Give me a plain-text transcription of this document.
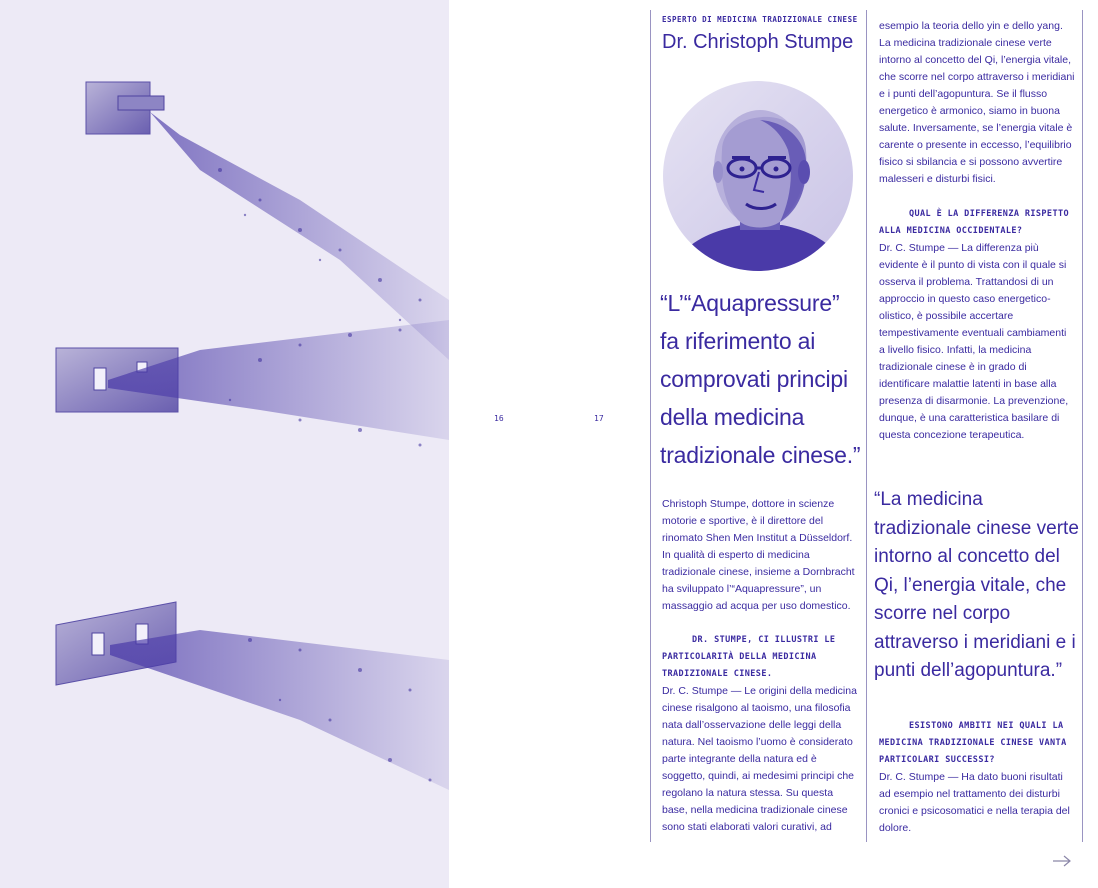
16	17
ESPERTO DI MEDICINA TRADIZIONALE CINESE
Dr. Christoph Stumpe
“L’“Aquapressure” fa riferimento ai comprovati principi della medicina tradizionale cinese.”
Christoph Stumpe, dottore in scienze motorie e sportive, è il direttore del rinomato Shen Men Institut a Düsseldorf. In qualità di esperto di medicina tradizionale cinese, insieme a Dornbracht ha sviluppato l’“Aquapressure”, un massaggio ad acqua per uso domestico.
DR. STUMPE, CI ILLUSTRI LE PARTICOLARITÀ DELLA MEDICINA TRADIZIONALE CINESE.

Dr. C. Stumpe — Le origini della medicina cinese risalgono al taoismo, una filosofia nata dall’osservazione delle leggi della natura. Nel taoismo l’uomo è considerato parte integrante della natura ed è soggetto, quindi, ai medesimi principi che regolano la natura stessa. Su questa base, nella medicina tradizionale cinese sono stati elaborati valori curativi, ad

esempio la teoria dello yin e dello yang. La medicina tradizionale cinese verte intorno al concetto del Qi, l’energia vitale, che scorre nel corpo attraverso i meridiani e i punti dell’agopuntura. Se il flusso energetico è armonico, siamo in buona salute. Inversamente, se l’energia vitale è carente o presente in eccesso, l’equilibrio fisico si sbilancia e si possono avvertire malesseri e disturbi fisici.
QUAL È LA DIFFERENZA RISPETTO ALLA MEDICINA OCCIDENTALE?

Dr. C. Stumpe — La differenza più evidente è il punto di vista con il quale si osserva il problema. Trattandosi di un approccio in questo caso energetico-olistico, è possibile accertare tempestivamente eventuali cambiamenti a livello fisico. Infatti, la medicina tradizionale cinese è in grado di identificare malattie latenti in base alla presenza di disarmonie. La prevenzione, dunque, è una caratteristica basilare di questa concezione terapeutica.

“La medicina tradizionale cinese verte intorno al concetto del Qi, l’energia vitale, che scorre nel corpo attraverso i meridiani e i punti dell’agopuntura.”
ESISTONO AMBITI NEI QUALI LA MEDICINA TRADIZIONALE CINESE VANTA PARTICOLARI SUCCESSI?

Dr. C. Stumpe — Ha dato buoni risultati ad esempio nel trattamento dei disturbi cronici e psicosomatici e nella terapia del dolore.
